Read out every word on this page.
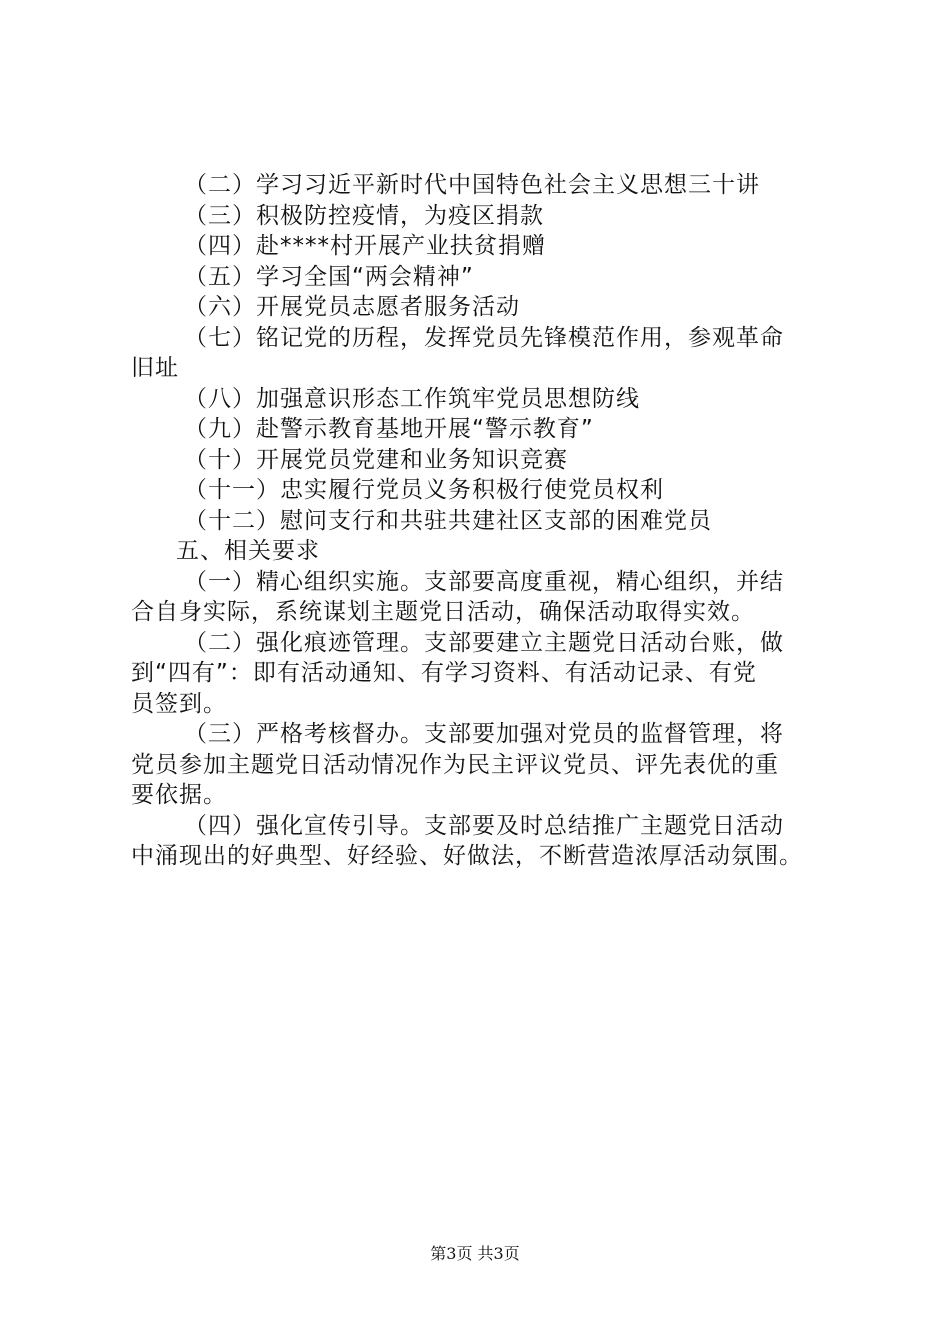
（二）学习习近平新时代中国特色社会主义思想三十讲
（三）积极防控疫情，为疫区捐款
（四）赴****村开展产业扶贫捐赠
（五）学习全国“两会精神”
（六）开展党员志愿者服务活动
（七）铭记党的历程，发挥党员先锋模范作用，参观革命
旧址
（八）加强意识形态工作筑牢党员思想防线
（九）赴警示教育基地开展“警示教育”
（十）开展党员党建和业务知识竞赛
（十一）忠实履行党员义务积极行使党员权利
（十二）慰问支行和共驻共建社区支部的困难党员
五、相关要求
（一）精心组织实施。支部要高度重视，精心组织，并结
合自身实际，系统谋划主题党日活动，确保活动取得实效。
（二）强化痕迹管理。支部要建立主题党日活动台账，做
到“四有”：即有活动通知、有学习资料、有活动记录、有党
员签到。
（三）严格考核督办。支部要加强对党员的监督管理，将
党员参加主题党日活动情况作为民主评议党员、评先表优的重
要依据。
（四）强化宣传引导。支部要及时总结推广主题党日活动
中涌现出的好典型、好经验、好做法，不断营造浓厚活动氛围。
第3页 共3页
